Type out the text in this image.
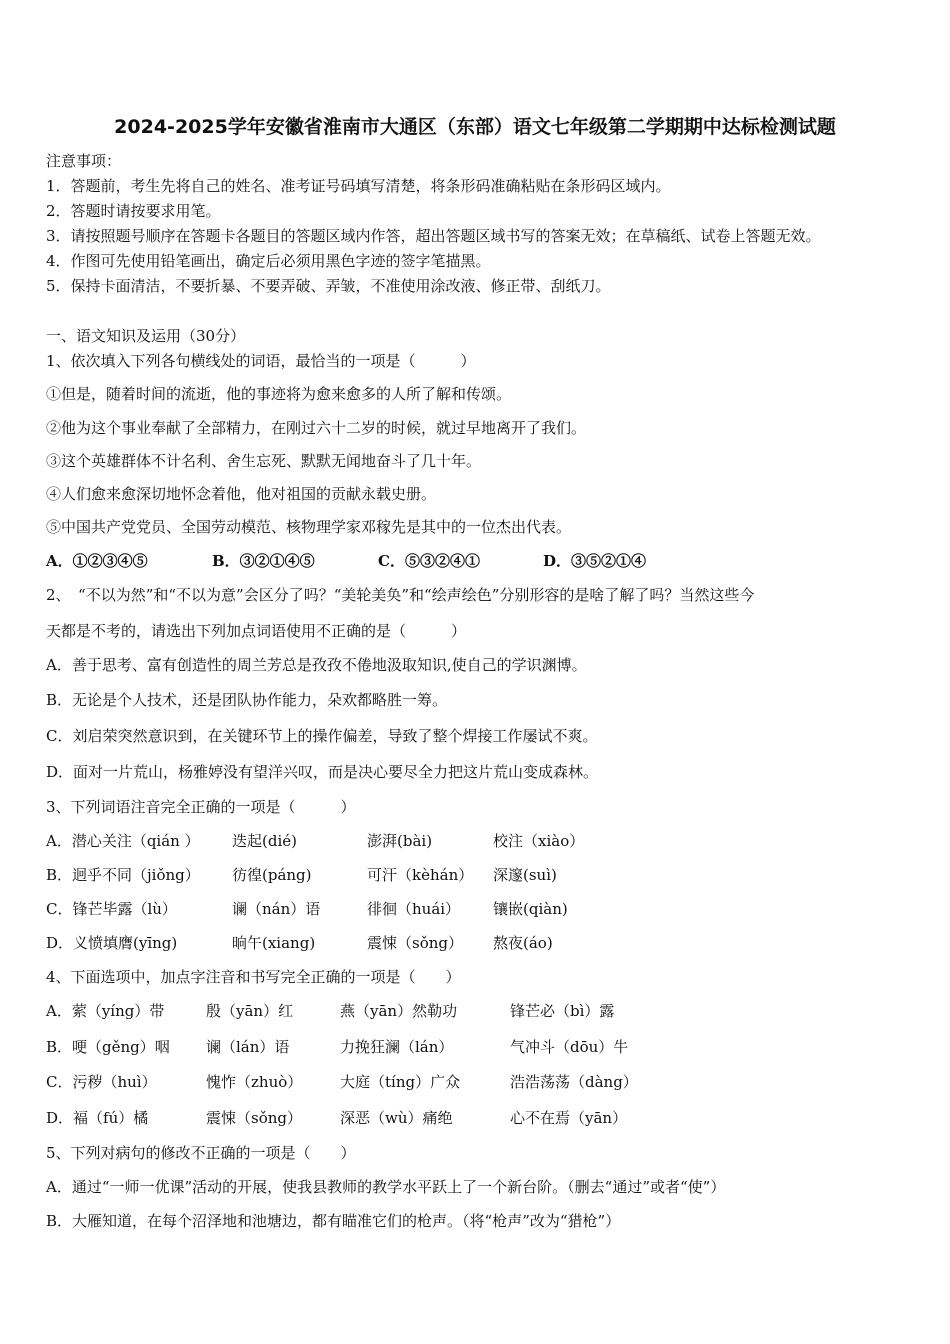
2024-2025学年安徽省淮南市大通区（东部）语文七年级第二学期期中达标检测试题
注意事项：
1．答题前，考生先将自己的姓名、准考证号码填写清楚，将条形码准确粘贴在条形码区域内。
2．答题时请按要求用笔。
3．请按照题号顺序在答题卡各题目的答题区域内作答，超出答题区域书写的答案无效；在草稿纸、试卷上答题无效。
4．作图可先使用铅笔画出，确定后必须用黑色字迹的签字笔描黑。
5．保持卡面清洁，不要折暴、不要弄破、弄皱，不准使用涂改液、修正带、刮纸刀。
一、语文知识及运用（30分）
1、依次填入下列各句横线处的词语，最恰当的一项是（　　　）
①但是，随着时间的流逝，他的事迹将为愈来愈多的人所了解和传颂。
②他为这个事业奉献了全部精力，在刚过六十二岁的时候，就过早地离开了我们。
③这个英雄群体不计名利、舍生忘死、默默无闻地奋斗了几十年。
④人们愈来愈深切地怀念着他，他对祖国的贡献永载史册。
⑤中国共产党党员、全国劳动模范、核物理学家邓稼先是其中的一位杰出代表。
A．①②③④⑤	B．③②①④⑤	C．⑤③②④①	D．③⑤②①④
2、　“不以为然”和“不以为意”会区分了吗？“美轮美奂”和“绘声绘色”分别形容的是啥了解了吗？当然这些今
天都是不考的，请选出下列加点词语使用不正确的是（　　　）
A．善于思考、富有创造性的周兰芳总是孜孜不倦地汲取知识,使自己的学识渊博。
B．无论是个人技术，还是团队协作能力，朵欢都略胜一筹。
C．刘启荣突然意识到，在关键环节上的操作偏差，导致了整个焊接工作屡试不爽。
D．面对一片荒山，杨雅婷没有望洋兴叹，而是决心要尽全力把这片荒山变成森林。
3、下列词语注音完全正确的一项是（　　　）
A．潜心关注（qián ） 迭起(dié)	澎湃(bài)	校注（xiào）
B．迥乎不同（jiǒng） 彷徨(páng)	可汗（kèhán） 深邃(suì)
C．锋芒毕露（lù）	谰（nán）语	徘徊（huái） 镶嵌(qiàn)
D．义愤填膺(yīng)	晌午(xiang)	震悚（sǒng） 熬夜(áo)
4、下面选项中，加点字注音和书写完全正确的一项是（　　）
A．萦（yíng）带	殷（yān）红	燕（yān）然勒功	锋芒必（bì）露
B．哽（gěng）咽 谰（lán）语	力挽狂澜（lán）	气冲斗（dōu）牛
C．污秽（huì）	愧怍（zhuò）	大庭（tíng）广众	浩浩荡荡（dàng）
D．褔（fú）橘	震悚（sǒng）	深恶（wù）痛绝	心不在焉（yān）
5、下列对病句的修改不正确的一项是（　　）
A．通过“一师一优课”活动的开展，使我县教师的教学水平跃上了一个新台阶。（删去“通过”或者“使”）
B．大雁知道，在每个沼泽地和池塘边，都有瞄准它们的枪声。（将“枪声”改为“猎枪”）
